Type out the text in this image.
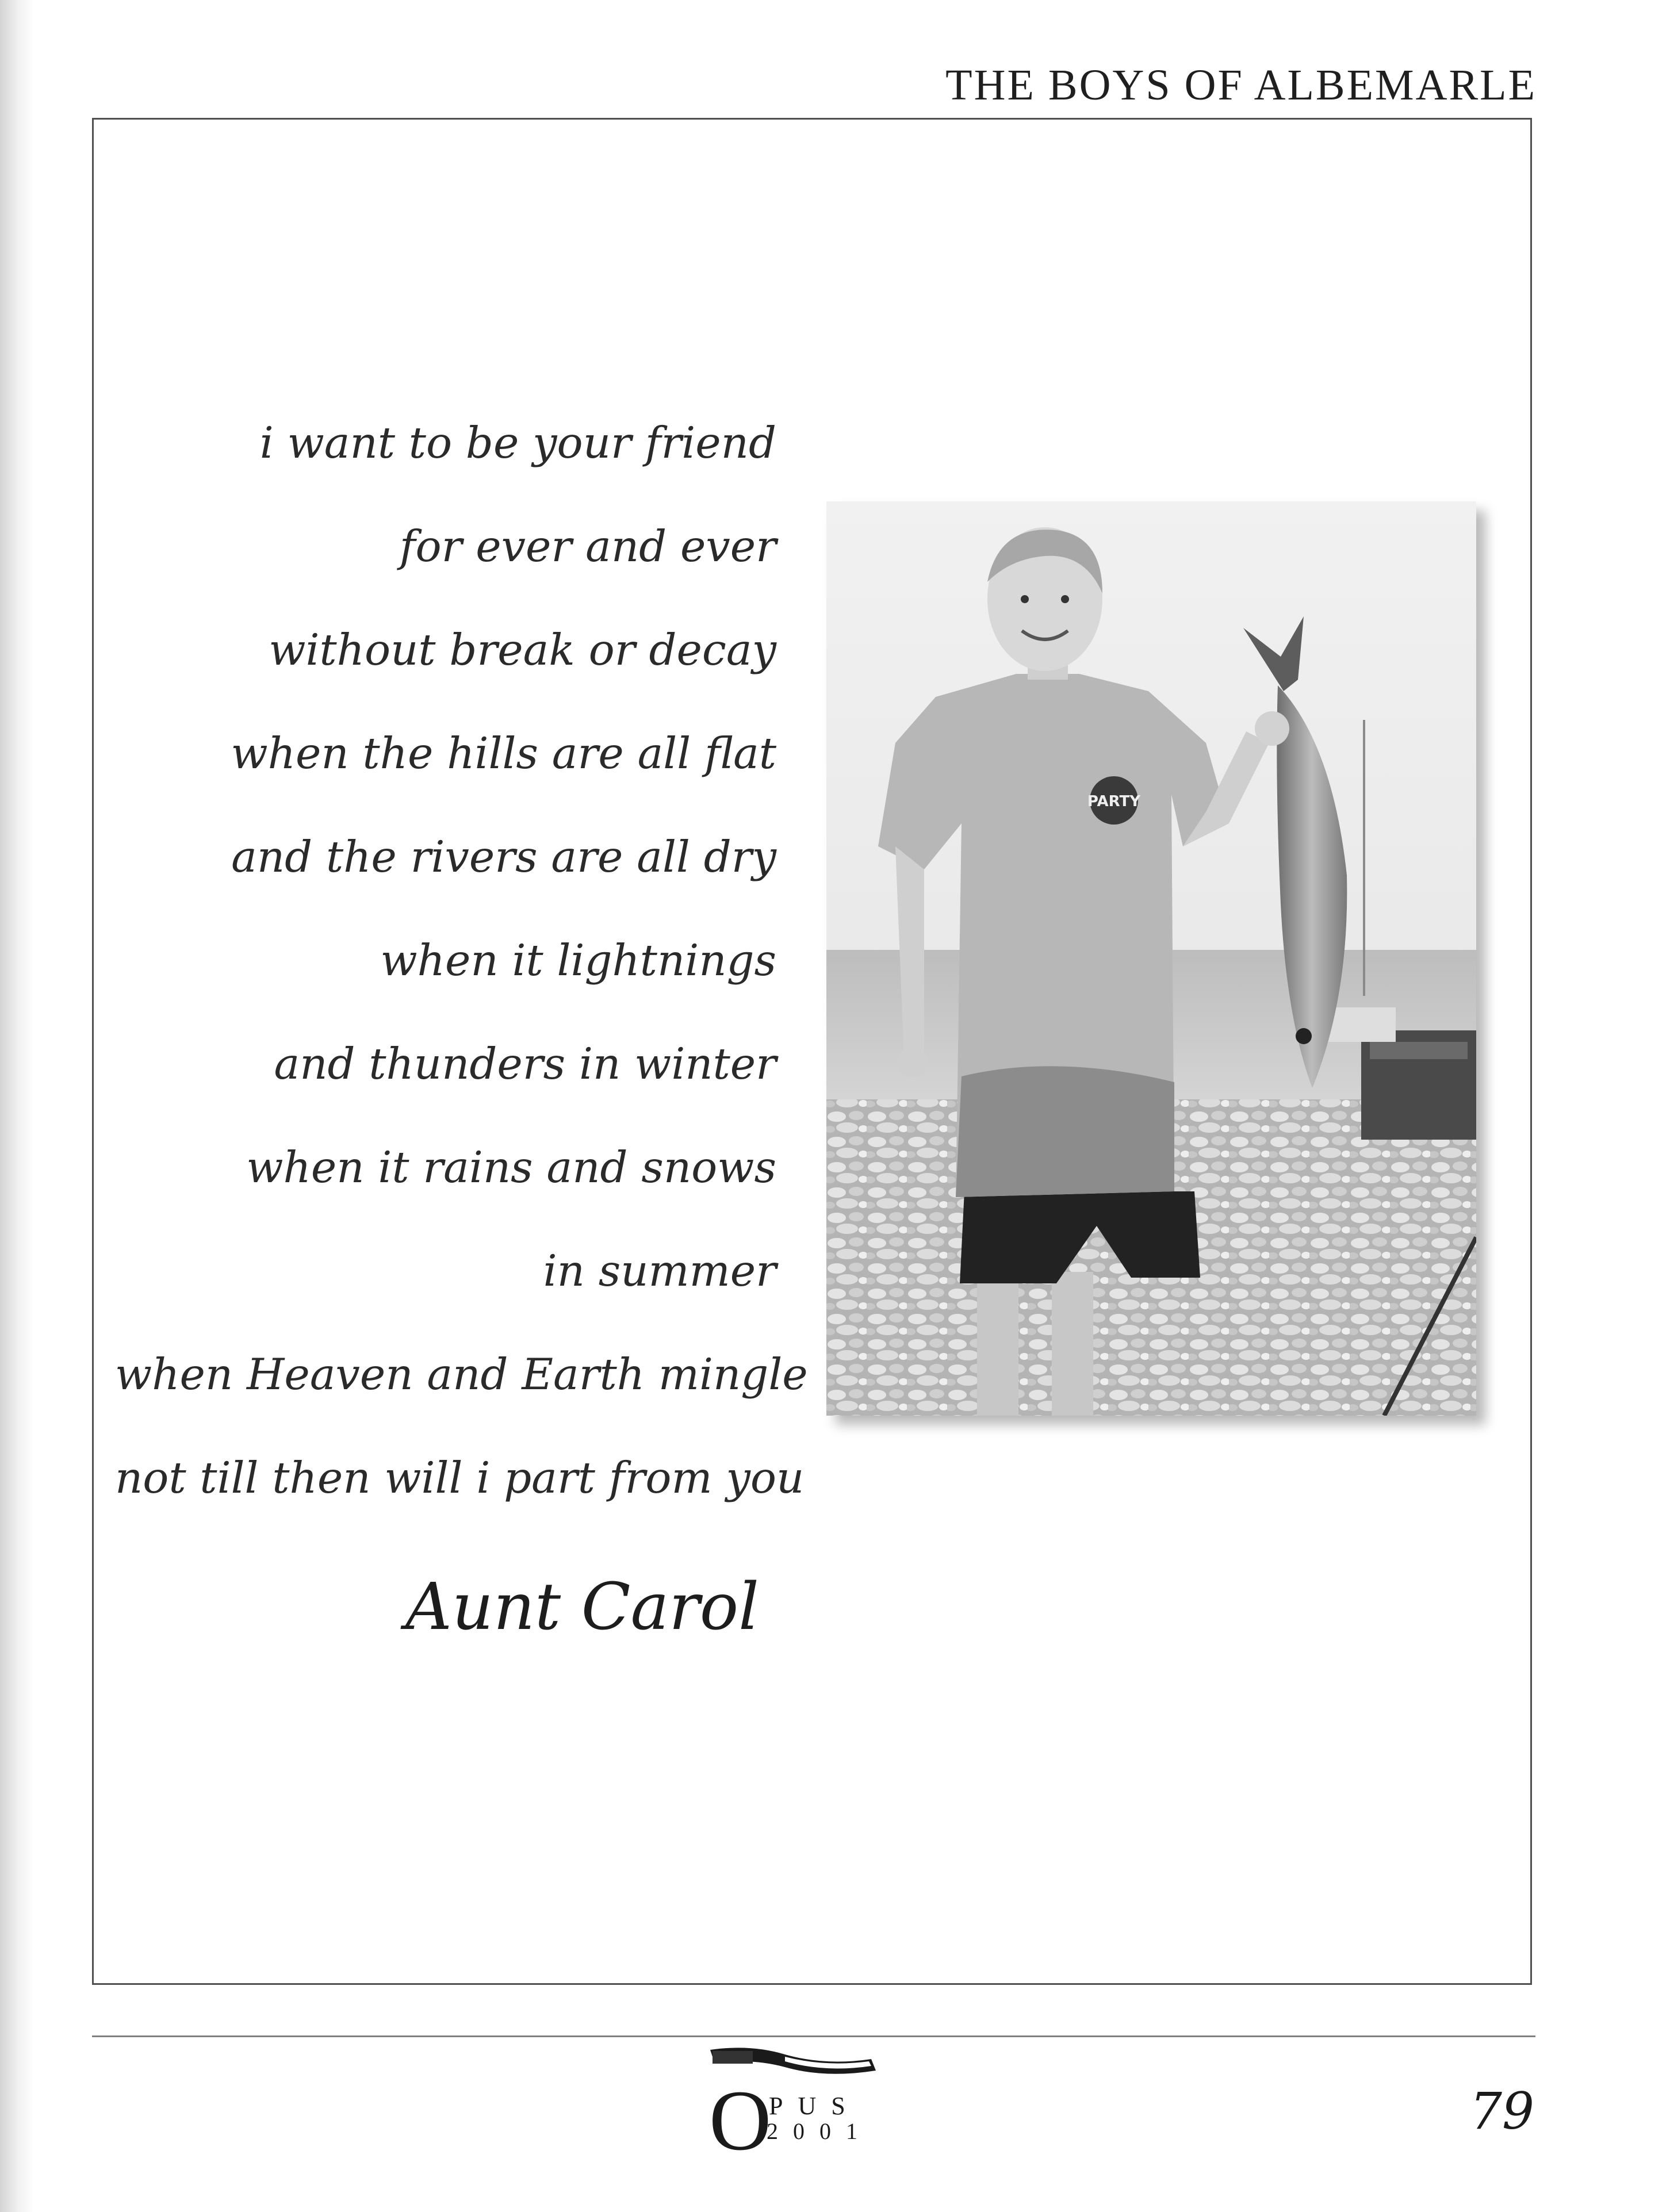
THE BOYS OF ALBEMARLE
i want to be your friend
for ever and ever
without break or decay
when the hills are all flat
and the rivers are all dry
when it lightnings
and thunders in winter
when it rains and snows
in summer
when Heaven and Earth mingle
not till then will i part from you
Aunt Carol
PARTY
O
PUS
2001	79
